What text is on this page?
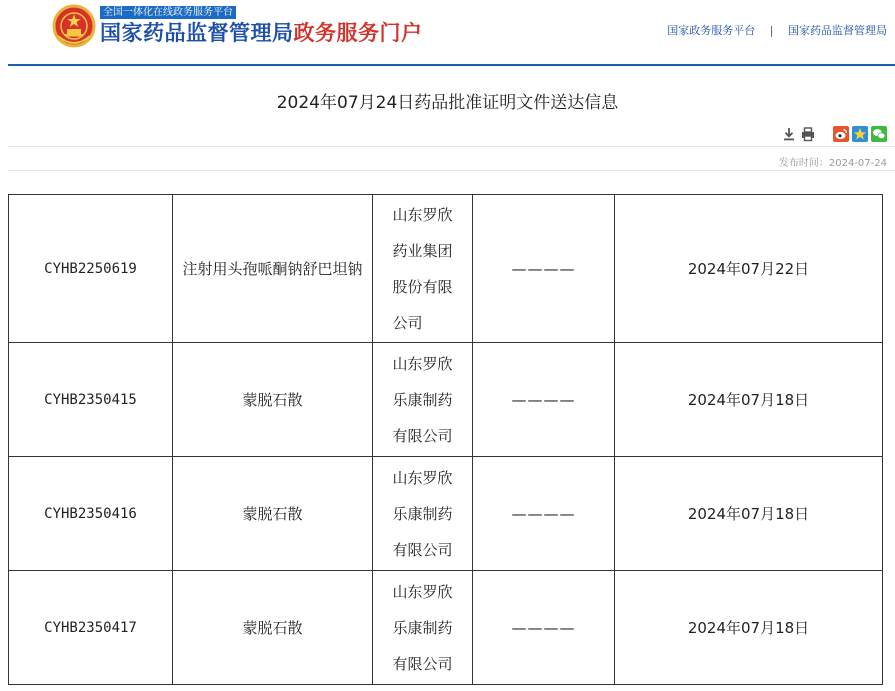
全国一体化在线政务服务平台
国家药品监督管理局政务服务门户	国家政务服务平台 | 国家药品监督管理局
2024年07月24日药品批准证明文件送达信息
发布时间：2024-07-24
CYHB2250619	注射用头孢哌酮钠舒巴坦钠	山东罗欣药业集团股份有限公司	————	2024年07月22日
CYHB2350415	蒙脱石散	山东罗欣乐康制药有限公司	————	2024年07月18日
CYHB2350416	蒙脱石散	山东罗欣乐康制药有限公司	————	2024年07月18日
CYHB2350417	蒙脱石散	山东罗欣乐康制药有限公司	————	2024年07月18日
